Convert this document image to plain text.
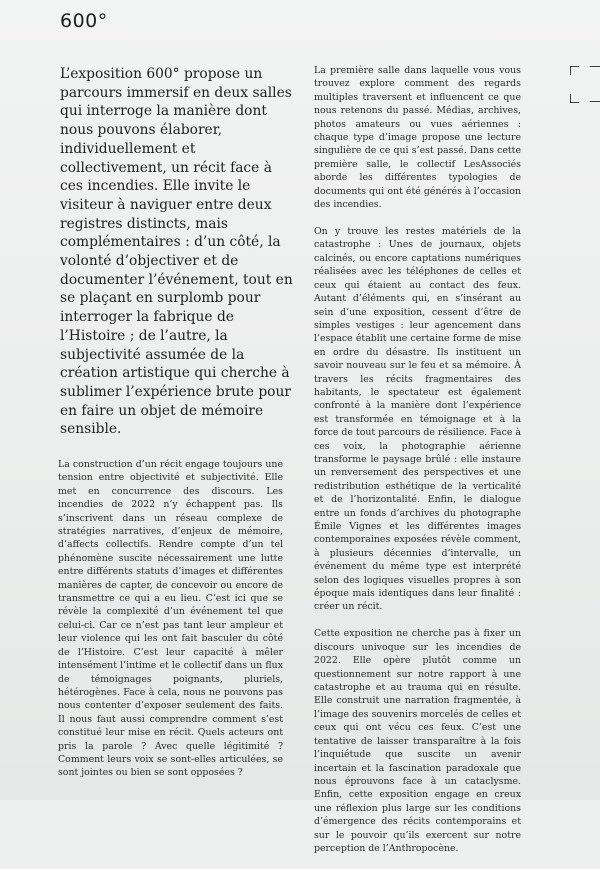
600°

L’exposition 600° propose un parcours immersif en deux salles qui interroge la manière dont nous pouvons élaborer, individuellement et collectivement, un récit face à ces incendies. Elle invite le visiteur à naviguer entre deux registres distincts, mais complémentaires : d’un côté, la volonté d’objectiver et de documenter l’événement, tout en se plaçant en surplomb pour interroger la fabrique de l’Histoire ; de l’autre, la subjectivité assumée de la création artistique qui cherche à sublimer l’expérience brute pour en faire un objet de mémoire sensible.

La construction d’un récit engage toujours une tension entre objectivité et subjectivité. Elle met en concurrence des discours. Les incendies de 2022 n’y échappent pas. Ils s’inscrivent dans un réseau complexe de stratégies narratives, d’enjeux de mémoire, d’affects collectifs. Rendre compte d’un tel phénomène suscite nécessairement une lutte entre différents statuts d’images et différentes manières de capter, de concevoir ou encore de transmettre ce qui a eu lieu. C’est ici que se révèle la complexité d’un événement tel que celui-ci. Car ce n’est pas tant leur ampleur et leur violence qui les ont fait basculer du côté de l’Histoire. C’est leur capacité à mêler intensément l’intime et le collectif dans un flux de témoignages poignants, pluriels, hétérogènes. Face à cela, nous ne pouvons pas nous contenter d’exposer seulement des faits. Il nous faut aussi comprendre comment s’est constitué leur mise en récit. Quels acteurs ont pris la parole ? Avec quelle légitimité ? Comment leurs voix se sont-elles articulées, se sont jointes ou bien se sont opposées ?

La première salle dans laquelle vous vous trouvez explore comment des regards multiples traversent et influencent ce que nous retenons du passé. Médias, archives, photos amateurs ou vues aériennes : chaque type d’image propose une lecture singulière de ce qui s’est passé. Dans cette première salle, le collectif LesAssociés aborde les différentes typologies de documents qui ont été générés à l’occasion des incendies.

On y trouve les restes matériels de la catastrophe : Unes de journaux, objets calcinés, ou encore captations numériques réalisées avec les téléphones de celles et ceux qui étaient au contact des feux. Autant d’éléments qui, en s’insérant au sein d’une exposition, cessent d’être de simples vestiges : leur agencement dans l’espace établit une certaine forme de mise en ordre du désastre. Ils instituent un savoir nouveau sur le feu et sa mémoire. À travers les récits fragmentaires des habitants, le spectateur est également confronté à la manière dont l’expérience est transformée en témoignage et à la force de tout parcours de résilience. Face à ces voix, la photographie aérienne transforme le paysage brûlé : elle instaure un renversement des perspectives et une redistribution esthétique de la verticalité et de l’horizontalité. Enfin, le dialogue entre un fonds d’archives du photographe Émile Vignes et les différentes images contemporaines exposées révèle comment, à plusieurs décennies d’intervalle, un événement du même type est interprété selon des logiques visuelles propres à son époque mais identiques dans leur finalité : créer un récit.

Cette exposition ne cherche pas à fixer un discours univoque sur les incendies de 2022. Elle opère plutôt comme un questionnement sur notre rapport à une catastrophe et au trauma qui en résulte. Elle construit une narration fragmentée, à l’image des souvenirs morcelés de celles et ceux qui ont vécu ces feux. C’est une tentative de laisser transparaître à la fois l’inquiétude que suscite un avenir incertain et la fascination paradoxale que nous éprouvons face à un cataclysme. Enfin, cette exposition engage en creux une réflexion plus large sur les conditions d’émergence des récits contemporains et sur le pouvoir qu’ils exercent sur notre perception de l’Anthropocène.
